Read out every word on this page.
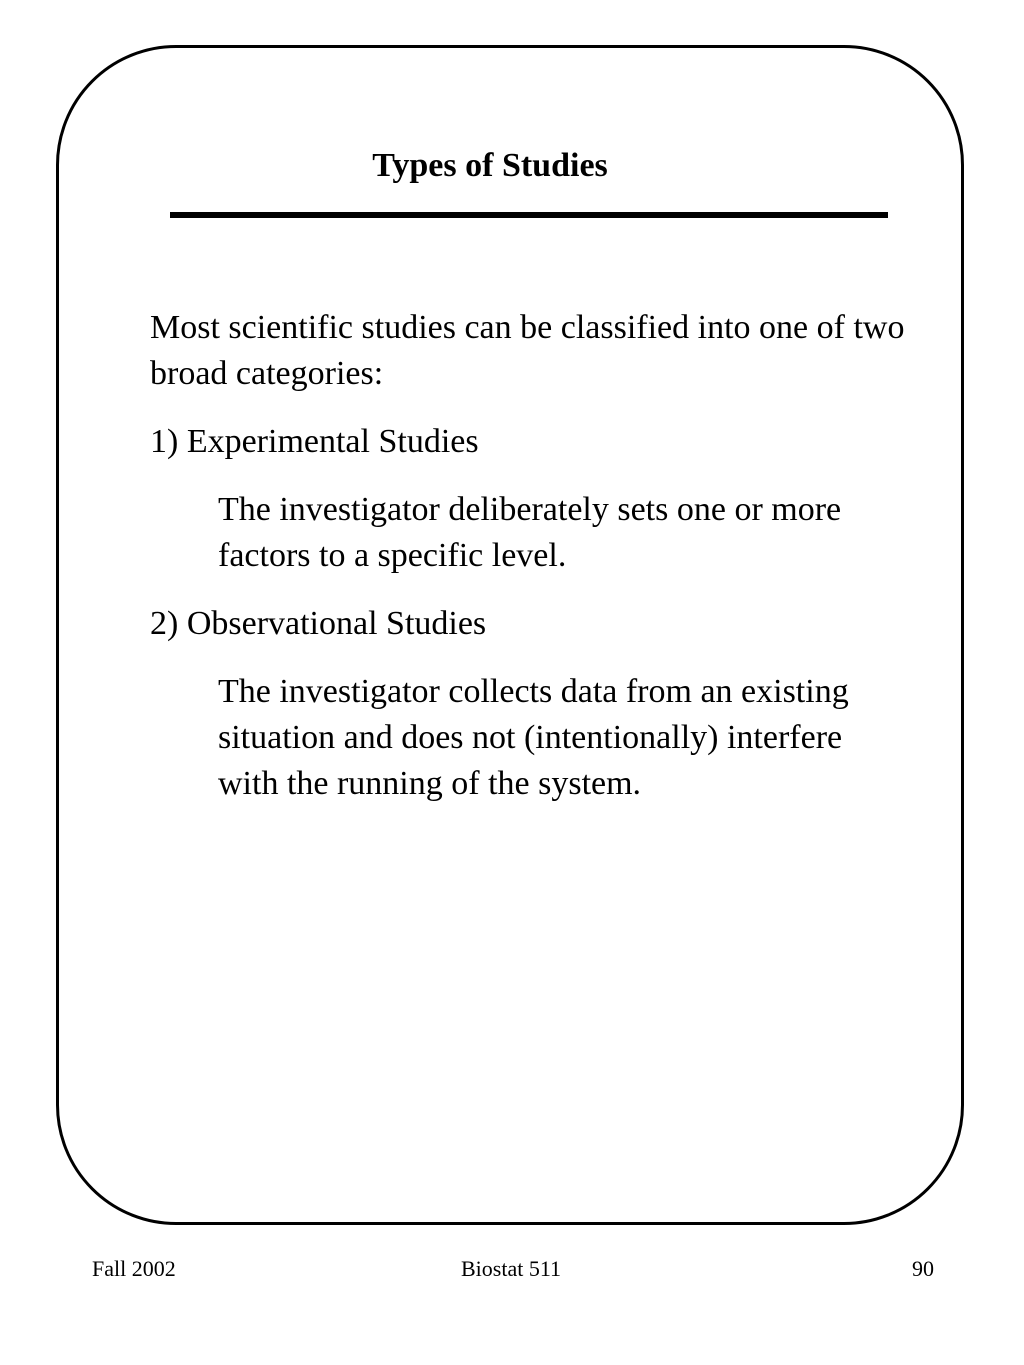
Types of Studies

Most scientific studies can be classified into one of two broad categories:

1) Experimental Studies

The investigator deliberately sets one or more factors to a specific level.

2) Observational Studies

The investigator collects data from an existing situation and does not (intentionally) interfere with the running of the system.

Fall 2002	Biostat 511	90
